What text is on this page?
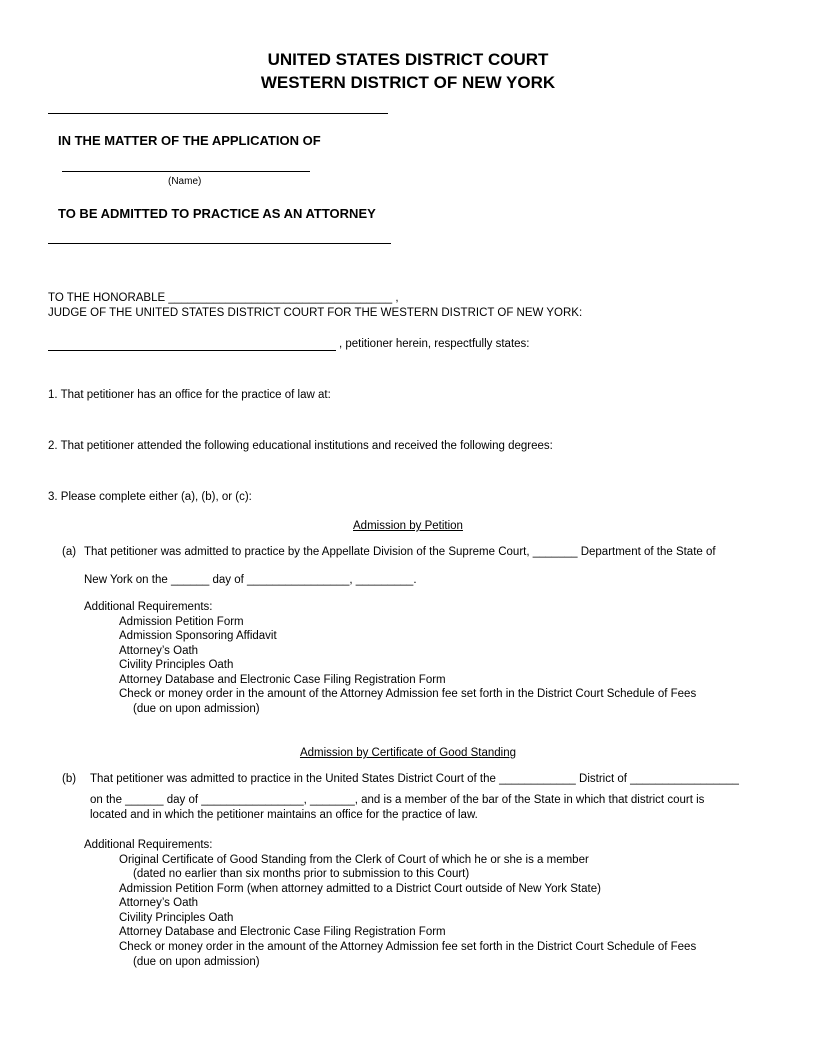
UNITED STATES DISTRICT COURT
WESTERN DISTRICT OF NEW YORK
IN THE MATTER OF THE APPLICATION OF
(Name)
TO BE ADMITTED TO PRACTICE AS AN ATTORNEY
TO THE HONORABLE ___________________________________ ,
JUDGE OF THE UNITED STATES DISTRICT COURT FOR THE WESTERN DISTRICT OF NEW YORK:
, petitioner herein, respectfully states:
1. That petitioner has an office for the practice of law at:
2. That petitioner attended the following educational institutions and received the following degrees:
3. Please complete either (a), (b), or (c):
Admission by Petition
(a) That petitioner was admitted to practice by the Appellate Division of the Supreme Court, _______ Department of the State of
New York on the ______ day of ________________, _________.
Additional Requirements:
Admission Petition Form
Admission Sponsoring Affidavit
Attorney’s Oath
Civility Principles Oath
Attorney Database and Electronic Case Filing Registration Form
Check or money order in the amount of the Attorney Admission fee set forth in the District Court Schedule of Fees
(due on upon admission)
Admission by Certificate of Good Standing
(b) That petitioner was admitted to practice in the United States District Court of the ____________ District of _________________
on the ______ day of ________________, _______, and is a member of the bar of the State in which that district court is
located and in which the petitioner maintains an office for the practice of law.
Additional Requirements:
Original Certificate of Good Standing from the Clerk of Court of which he or she is a member
(dated no earlier than six months prior to submission to this Court)
Admission Petition Form (when attorney admitted to a District Court outside of New York State)
Attorney’s Oath
Civility Principles Oath
Attorney Database and Electronic Case Filing Registration Form
Check or money order in the amount of the Attorney Admission fee set forth in the District Court Schedule of Fees
(due on upon admission)
